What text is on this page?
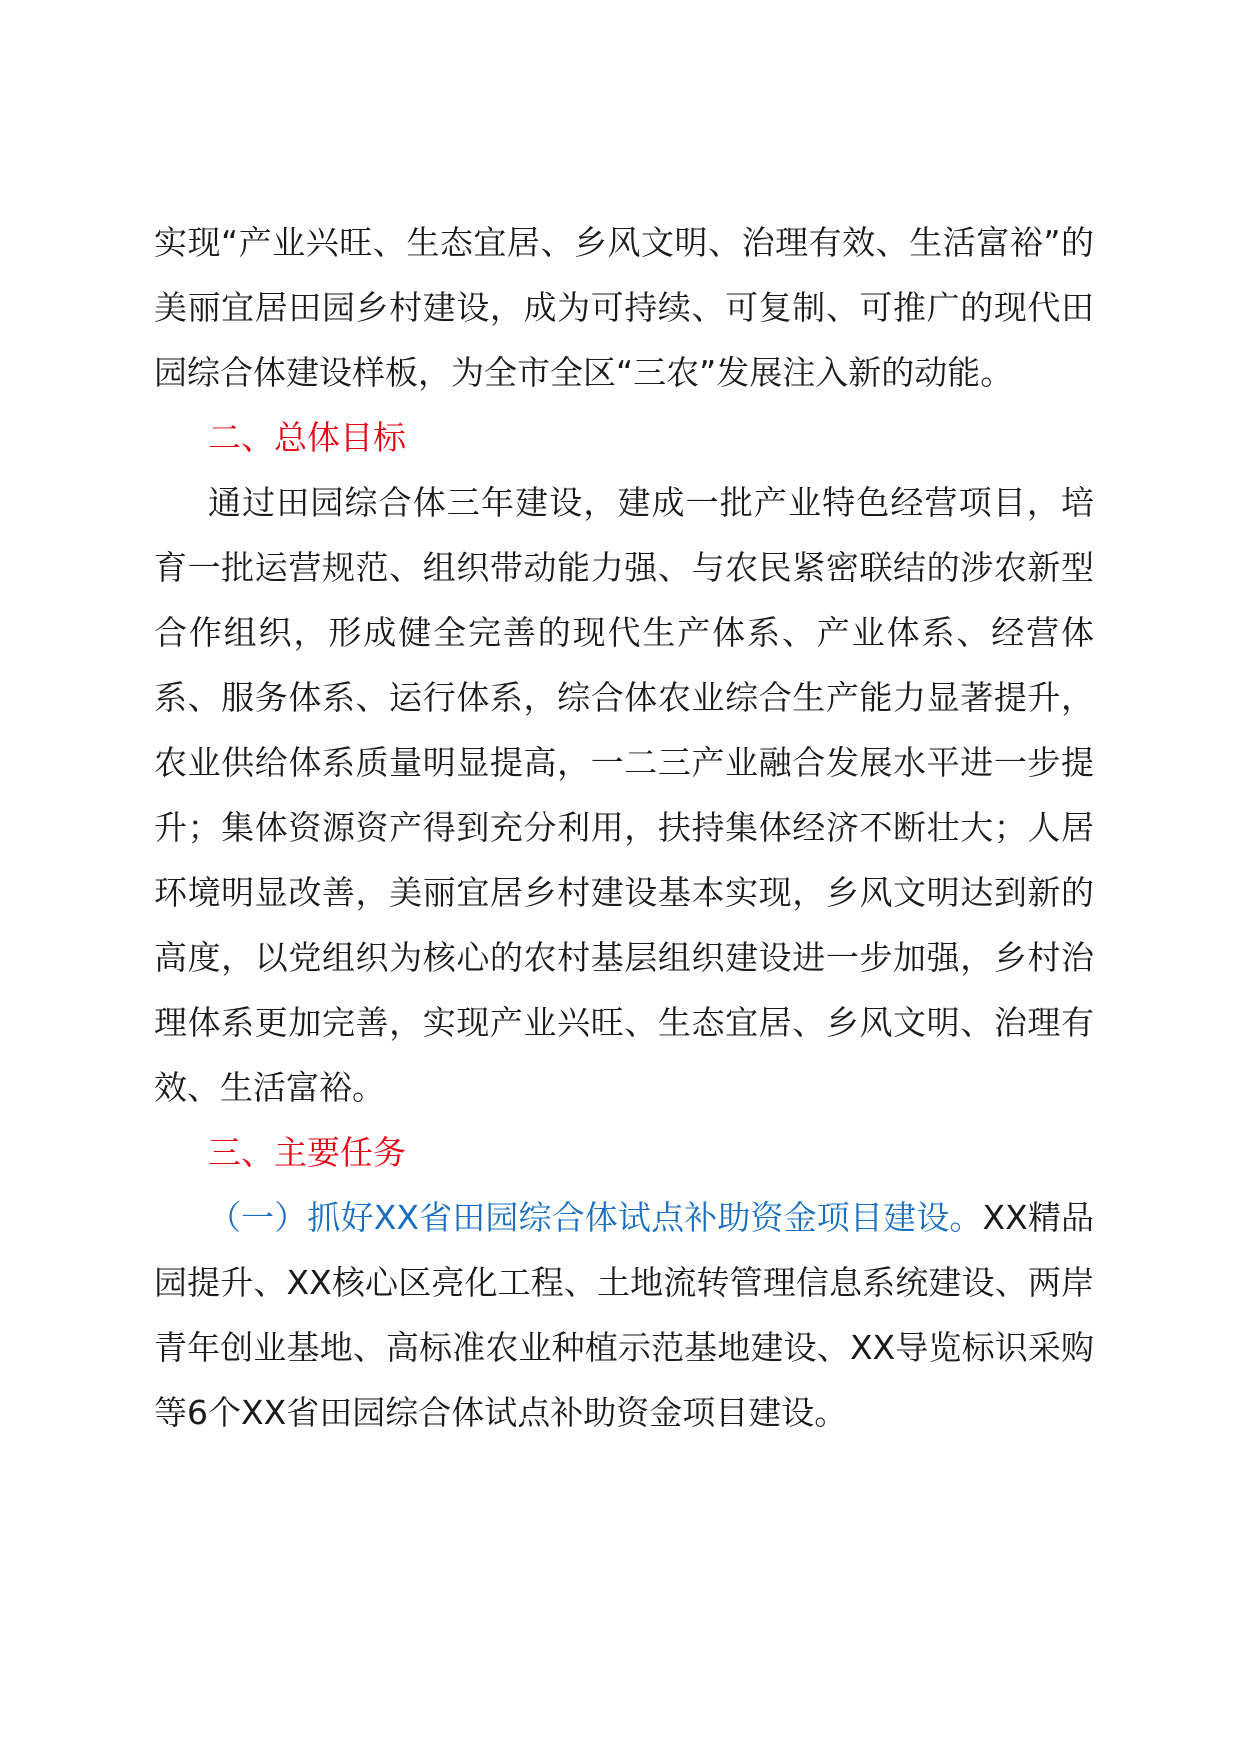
实现“产业兴旺、生态宜居、乡风文明、治理有效、生活富裕”的美丽宜居田园乡村建设，成为可持续、可复制、可推广的现代田园综合体建设样板，为全市全区“三农”发展注入新的动能。

二、总体目标

通过田园综合体三年建设，建成一批产业特色经营项目，培育一批运营规范、组织带动能力强、与农民紧密联结的涉农新型合作组织，形成健全完善的现代生产体系、产业体系、经营体系、服务体系、运行体系，综合体农业综合生产能力显著提升，农业供给体系质量明显提高，一二三产业融合发展水平进一步提升；集体资源资产得到充分利用，扶持集体经济不断壮大；人居环境明显改善，美丽宜居乡村建设基本实现，乡风文明达到新的高度，以党组织为核心的农村基层组织建设进一步加强，乡村治理体系更加完善，实现产业兴旺、生态宜居、乡风文明、治理有效、生活富裕。

三、主要任务

（一）抓好XX省田园综合体试点补助资金项目建设。XX精品园提升、XX核心区亮化工程、土地流转管理信息系统建设、两岸青年创业基地、高标准农业种植示范基地建设、XX导览标识采购等6个XX省田园综合体试点补助资金项目建设。
